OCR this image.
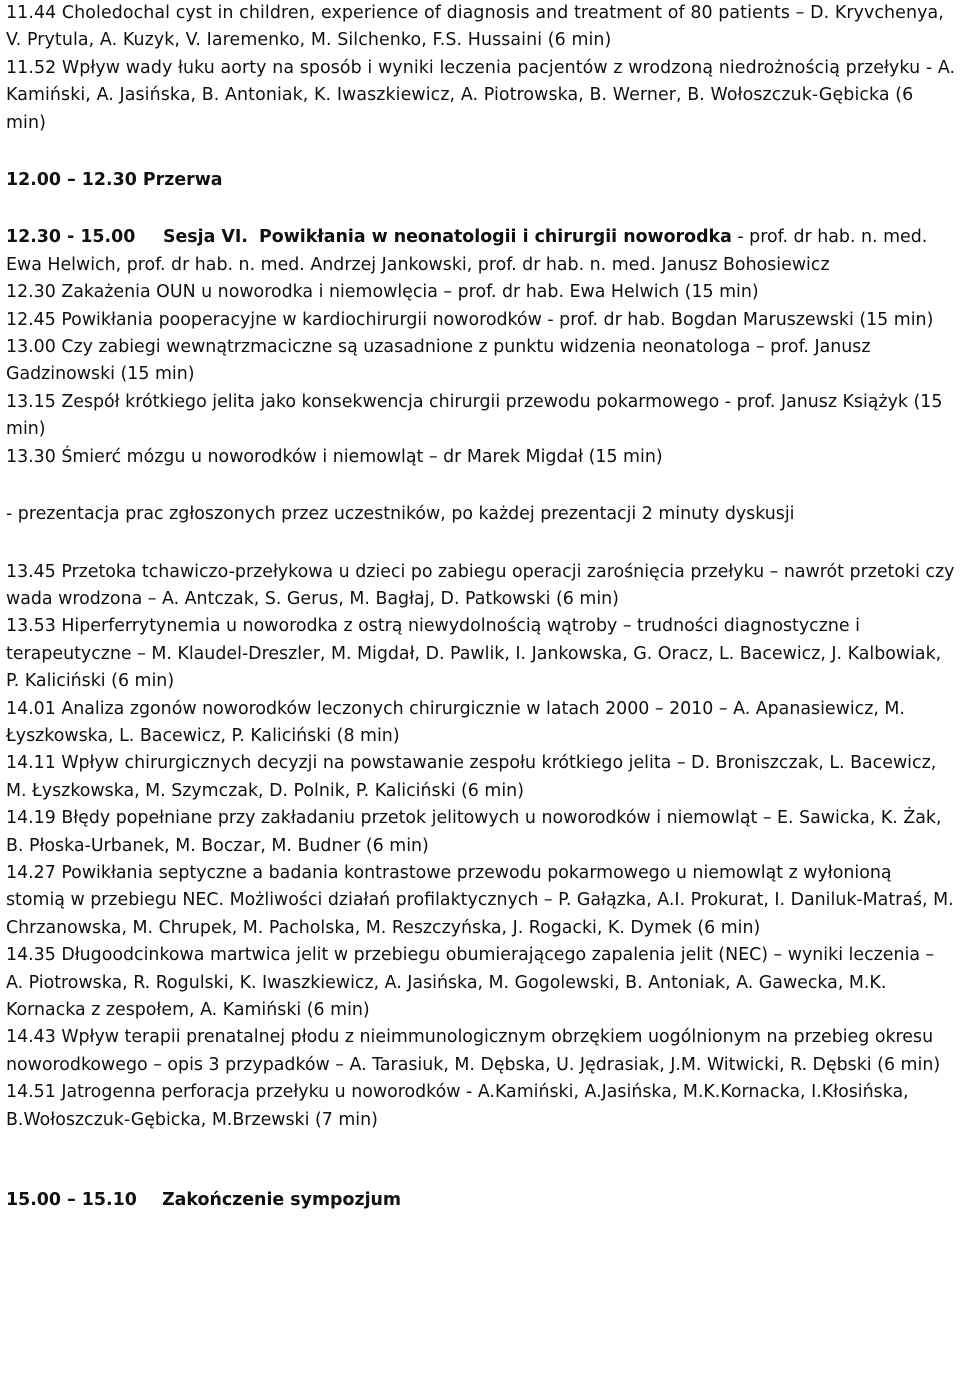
11.44 Choledochal cyst in children, experience of diagnosis and treatment of 80 patients – D. Kryvchenya, V. Prytula, A. Kuzyk, V. Iaremenko, M. Silchenko, F.S. Hussaini (6 min)

11.52 Wpływ wady łuku aorty na sposób i wyniki leczenia pacjentów z wrodzoną niedrożnością przełyku - A. Kamiński, A. Jasińska, B. Antoniak, K. Iwaszkiewicz, A. Piotrowska, B. Werner, B. Wołoszczuk-Gębicka (6 min)

12.00 – 12.30 Przerwa

12.30 - 15.00 Sesja VI. Powikłania w neonatologii i chirurgii noworodka - prof. dr hab. n. med. Ewa Helwich, prof. dr hab. n. med. Andrzej Jankowski, prof. dr hab. n. med. Janusz Bohosiewicz

12.30 Zakażenia OUN u noworodka i niemowlęcia – prof. dr hab. Ewa Helwich (15 min)

12.45 Powikłania pooperacyjne w kardiochirurgii noworodków - prof. dr hab. Bogdan Maruszewski (15 min)

13.00 Czy zabiegi wewnątrzmaciczne są uzasadnione z punktu widzenia neonatologa – prof. Janusz Gadzinowski (15 min)

13.15 Zespół krótkiego jelita jako konsekwencja chirurgii przewodu pokarmowego - prof. Janusz Książyk (15 min)

13.30 Śmierć mózgu u noworodków i niemowląt – dr Marek Migdał (15 min)

- prezentacja prac zgłoszonych przez uczestników, po każdej prezentacji 2 minuty dyskusji

13.45 Przetoka tchawiczo-przełykowa u dzieci po zabiegu operacji zarośnięcia przełyku – nawrót przetoki czy wada wrodzona – A. Antczak, S. Gerus, M. Bagłaj, D. Patkowski (6 min)

13.53 Hiperferrytynemia u noworodka z ostrą niewydolnością wątroby – trudności diagnostyczne i terapeutyczne – M. Klaudel-Dreszler, M. Migdał, D. Pawlik, I. Jankowska, G. Oracz, L. Bacewicz, J. Kalbowiak, P. Kaliciński (6 min)

14.01 Analiza zgonów noworodków leczonych chirurgicznie w latach 2000 – 2010 – A. Apanasiewicz, M. Łyszkowska, L. Bacewicz, P. Kaliciński (8 min)

14.11 Wpływ chirurgicznych decyzji na powstawanie zespołu krótkiego jelita – D. Broniszczak, L. Bacewicz, M. Łyszkowska, M. Szymczak, D. Polnik, P. Kaliciński (6 min)

14.19 Błędy popełniane przy zakładaniu przetok jelitowych u noworodków i niemowląt – E. Sawicka, K. Żak, B. Płoska-Urbanek, M. Boczar, M. Budner (6 min)

14.27 Powikłania septyczne a badania kontrastowe przewodu pokarmowego u niemowląt z wyłonioną stomią w przebiegu NEC. Możliwości działań profilaktycznych – P. Gałązka, A.I. Prokurat, I. Daniluk-Matraś, M. Chrzanowska, M. Chrupek, M. Pacholska, M. Reszczyńska, J. Rogacki, K. Dymek (6 min)

14.35 Długoodcinkowa martwica jelit w przebiegu obumierającego zapalenia jelit (NEC) – wyniki leczenia – A. Piotrowska, R. Rogulski, K. Iwaszkiewicz, A. Jasińska, M. Gogolewski, B. Antoniak, A. Gawecka, M.K. Kornacka z zespołem, A. Kamiński (6 min)

14.43 Wpływ terapii prenatalnej płodu z nieimmunologicznym obrzękiem uogólnionym na przebieg okresu noworodkowego – opis 3 przypadków – A. Tarasiuk, M. Dębska, U. Jędrasiak, J.M. Witwicki, R. Dębski (6 min)

14.51 Jatrogenna perforacja przełyku u noworodków - A.Kamiński, A.Jasińska, M.K.Kornacka, I.Kłosińska, B.Wołoszczuk-Gębicka, M.Brzewski (7 min)

15.00 – 15.10 Zakończenie sympozjum
